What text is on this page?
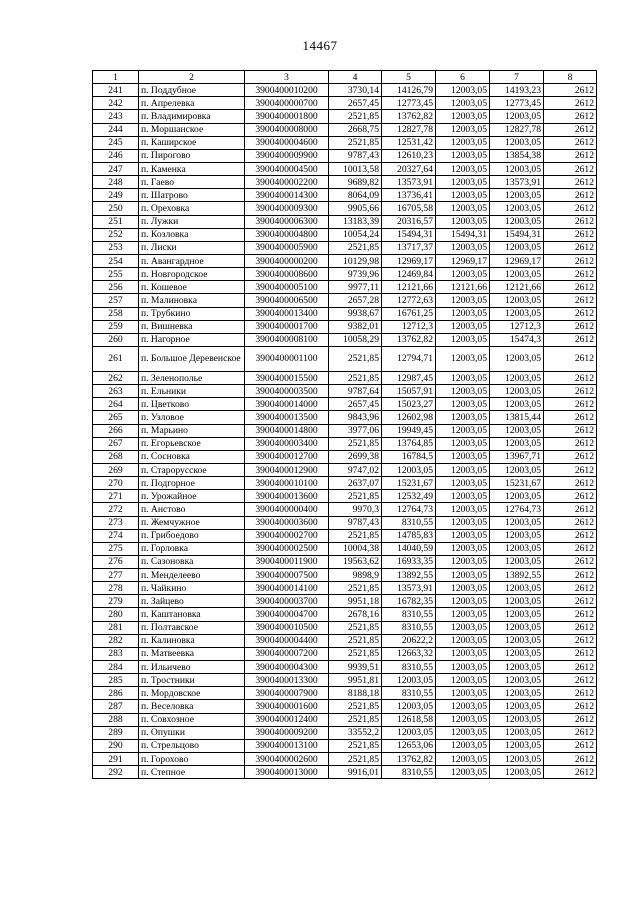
14467
1	2	3	4	5	6	7	8
241	п. Поддубное	3900400010200	3730,14	14126,79	12003,05	14193,23	2612
242	п. Апрелевка	3900400000700	2657,45	12773,45	12003,05	12773,45	2612
243	п. Владимировка	3900400001800	2521,85	13762,82	12003,05	12003,05	2612
244	п. Моршанское	3900400008000	2668,75	12827,78	12003,05	12827,78	2612
245	п. Каширское	3900400004600	2521,85	12531,42	12003,05	12003,05	2612
246	п. Пирогово	3900400009900	9787,43	12610,23	12003,05	13854,38	2612
247	п. Каменка	3900400004500	10013,58	20327,64	12003,05	12003,05	2612
248	п. Гаево	3900400002200	9689,82	13573,91	12003,05	13573,91	2612
249	п. Шатрово	3900400014300	8064,09	13736,41	12003,05	12003,05	2612
250	п. Ореховка	3900400009300	9905,66	16705,58	12003,05	12003,05	2612
251	п. Лужки	3900400006300	13183,39	20316,57	12003,05	12003,05	2612
252	п. Козловка	3900400004800	10054,24	15494,31	15494,31	15494,31	2612
253	п. Лиски	3900400005900	2521,85	13717,37	12003,05	12003,05	2612
254	п. Авангардное	3900400000200	10129,98	12969,17	12969,17	12969,17	2612
255	п. Новгородское	3900400008600	9739,96	12469,84	12003,05	12003,05	2612
256	п. Кошевое	3900400005100	9977,11	12121,66	12121,66	12121,66	2612
257	п. Малиновка	3900400006500	2657,28	12772,63	12003,05	12003,05	2612
258	п. Трубкино	3900400013400	9938,67	16761,25	12003,05	12003,05	2612
259	п. Вишневка	3900400001700	9382,01	12712,3	12003,05	12712,3	2612
260	п. Нагорное	3900400008100	10058,29	13762,82	12003,05	15474,3	2612
261	п. Большое Деревенское	3900400001100	2521,85	12794,71	12003,05	12003,05	2612
262	п. Зеленополье	3900400015500	2521,85	12987,45	12003,05	12003,05	2612
263	п. Ельники	3900400003500	9787,64	15057,91	12003,05	12003,05	2612
264	п. Цветково	3900400014000	2657,45	15023,27	12003,05	12003,05	2612
265	п. Узловое	3900400013500	9843,96	12602,98	12003,05	13815,44	2612
266	п. Марьино	3900400014800	3977,06	19949,45	12003,05	12003,05	2612
267	п. Егорьевское	3900400003400	2521,85	13764,85	12003,05	12003,05	2612
268	п. Сосновка	3900400012700	2699,38	16784,5	12003,05	13967,71	2612
269	п. Старорусское	3900400012900	9747,02	12003,05	12003,05	12003,05	2612
270	п. Подгорное	3900400010100	2637,07	15231,67	12003,05	15231,67	2612
271	п. Урожайное	3900400013600	2521,85	12532,49	12003,05	12003,05	2612
272	п. Анстово	3900400000400	9970,3	12764,73	12003,05	12764,73	2612
273	п. Жемчужное	3900400003600	9787,43	8310,55	12003,05	12003,05	2612
274	п. Грибоедово	3900400002700	2521,85	14785,83	12003,05	12003,05	2612
275	п. Горловка	3900400002500	10004,38	14040,59	12003,05	12003,05	2612
276	п. Сазоновка	3900400011900	19563,62	16933,35	12003,05	12003,05	2612
277	п. Менделеево	3900400007500	9898,9	13892,55	12003,05	13892,55	2612
278	п. Чайкино	3900400014100	2521,85	13573,91	12003,05	12003,05	2612
279	п. Зайцево	3900400003700	9951,18	16782,35	12003,05	12003,05	2612
280	п. Каштановка	3900400004700	2678,16	8310,55	12003,05	12003,05	2612
281	п. Полтавское	3900400010500	2521,85	8310,55	12003,05	12003,05	2612
282	п. Калиновка	3900400004400	2521,85	20622,2	12003,05	12003,05	2612
283	п. Матвеевка	3900400007200	2521,85	12663,32	12003,05	12003,05	2612
284	п. Ильичево	3900400004300	9939,51	8310,55	12003,05	12003,05	2612
285	п. Тростники	3900400013300	9951,81	12003,05	12003,05	12003,05	2612
286	п. Мордовское	3900400007900	8188,18	8310,55	12003,05	12003,05	2612
287	п. Веселовка	3900400001600	2521,85	12003,05	12003,05	12003,05	2612
288	п. Совхозное	3900400012400	2521,85	12618,58	12003,05	12003,05	2612
289	п. Опушки	3900400009200	33552,2	12003,05	12003,05	12003,05	2612
290	п. Стрельцово	3900400013100	2521,85	12653,06	12003,05	12003,05	2612
291	п. Горохово	3900400002600	2521,85	13762,82	12003,05	12003,05	2612
292	п. Степное	3900400013000	9916,01	8310,55	12003,05	12003,05	2612
